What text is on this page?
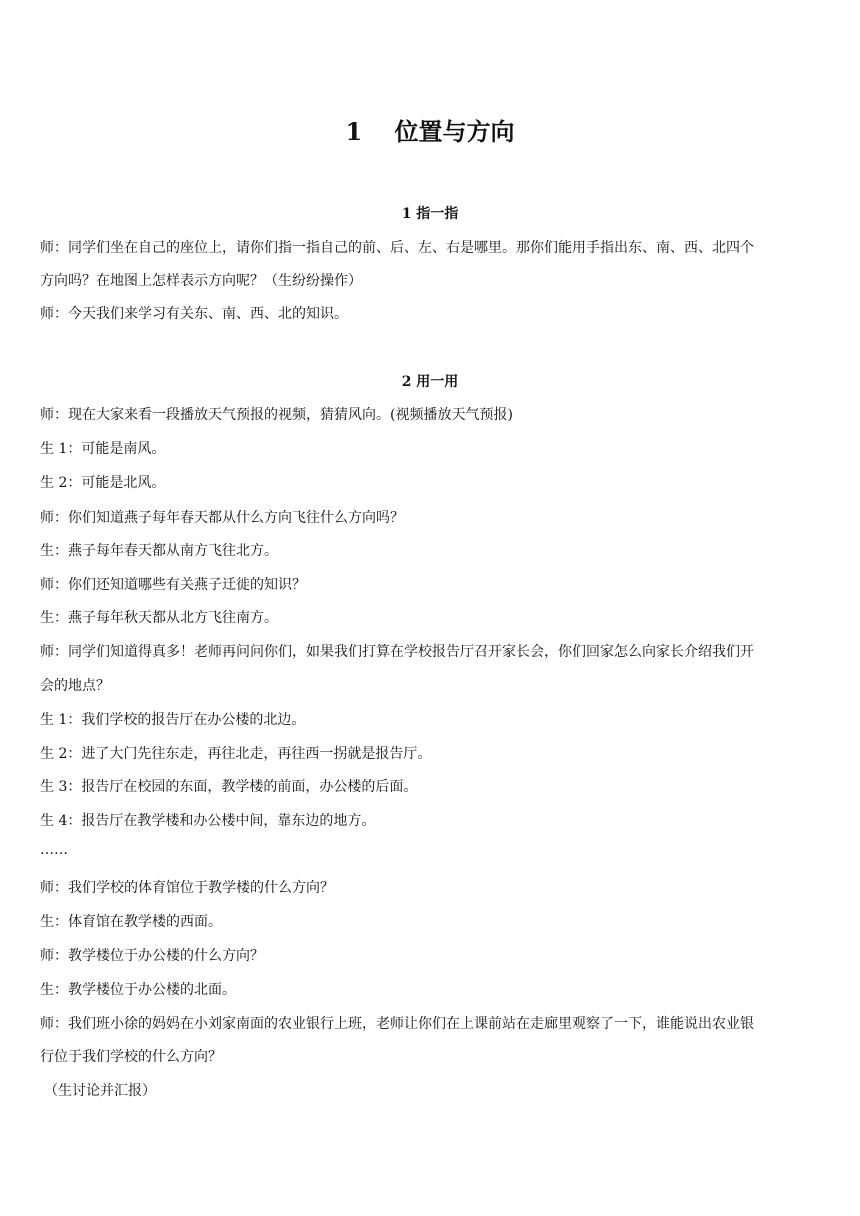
1　 位置与方向
1 指一指
师：同学们坐在自己的座位上，请你们指一指自己的前、后、左、右是哪里。那你们能用手指出东、南、西、北四个
方向吗？在地图上怎样表示方向呢？（生纷纷操作）
师：今天我们来学习有关东、南、西、北的知识。
2 用一用
师：现在大家来看一段播放天气预报的视频，猜猜风向。(视频播放天气预报)
生 1：可能是南风。
生 2：可能是北风。
师：你们知道燕子每年春天都从什么方向飞往什么方向吗？
生：燕子每年春天都从南方飞往北方。
师：你们还知道哪些有关燕子迁徙的知识？
生：燕子每年秋天都从北方飞往南方。
师：同学们知道得真多！老师再问问你们，如果我们打算在学校报告厅召开家长会，你们回家怎么向家长介绍我们开
会的地点？
生 1：我们学校的报告厅在办公楼的北边。
生 2：进了大门先往东走，再往北走，再往西一拐就是报告厅。
生 3：报告厅在校园的东面，教学楼的前面，办公楼的后面。
生 4：报告厅在教学楼和办公楼中间，靠东边的地方。
……
师：我们学校的体育馆位于教学楼的什么方向？
生：体育馆在教学楼的西面。
师：教学楼位于办公楼的什么方向？
生：教学楼位于办公楼的北面。
师：我们班小徐的妈妈在小刘家南面的农业银行上班，老师让你们在上课前站在走廊里观察了一下，谁能说出农业银
行位于我们学校的什么方向？
（生讨论并汇报）
